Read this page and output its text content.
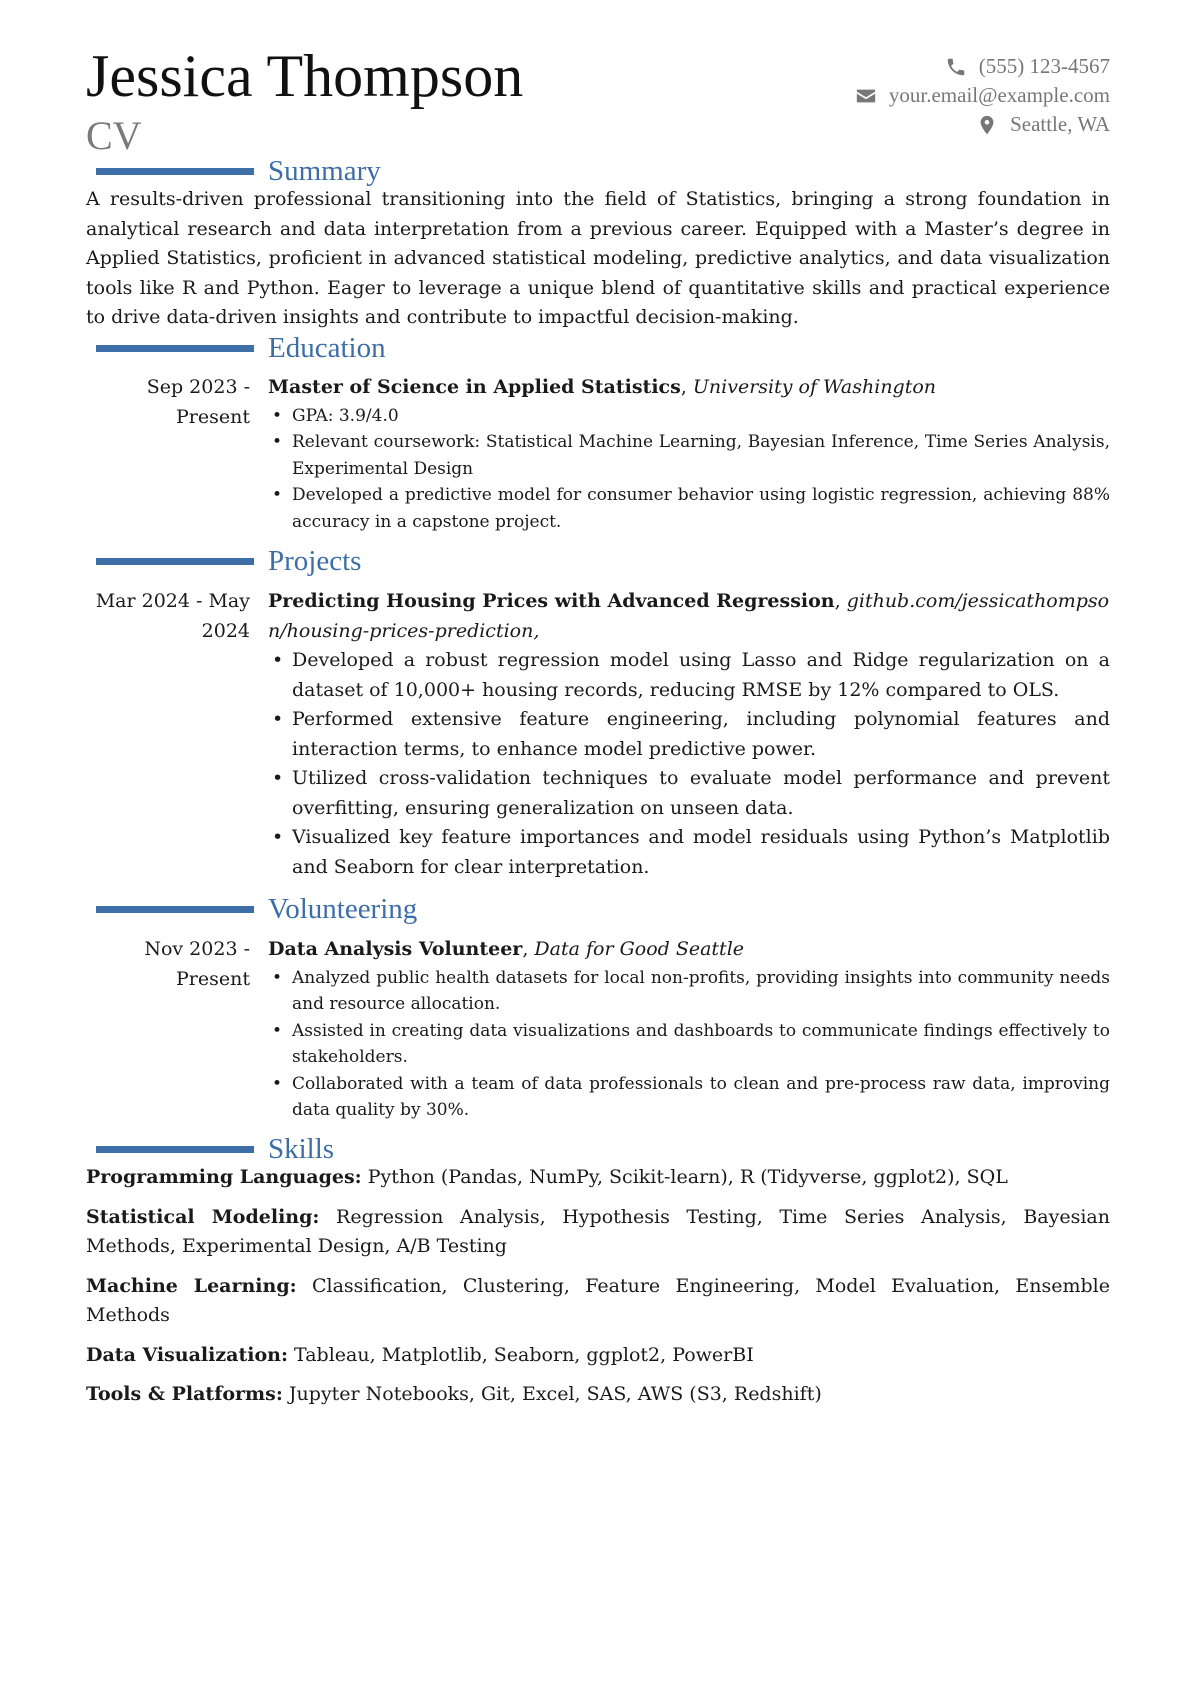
Jessica Thompson
CV
(555) 123-4567
your.email@example.com
Seattle, WA
Summary
A results-driven professional transitioning into the field of Statistics, bringing a strong foundation in analytical research and data interpretation from a previous career. Equipped with a Master’s degree in Applied Statistics, proficient in advanced statistical modeling, predictive analytics, and data visualization tools like R and Python. Eager to leverage a unique blend of quantitative skills and practical experience to drive data-driven insights and contribute to impactful decision-making.
Education
Sep 2023 - Present
Master of Science in Applied Statistics, University of Washington
• GPA: 3.9/4.0
• Relevant coursework: Statistical Machine Learning, Bayesian Inference, Time Series Analysis, Experimental Design
• Developed a predictive model for consumer behavior using logistic regression, achieving 88% accuracy in a capstone project.
Projects
Mar 2024 - May 2024
Predicting Housing Prices with Advanced Regression, github.com/jessicathompson/housing-prices-prediction,
• Developed a robust regression model using Lasso and Ridge regularization on a dataset of 10,000+ housing records, reducing RMSE by 12% compared to OLS.
• Performed extensive feature engineering, including polynomial features and interaction terms, to enhance model predictive power.
• Utilized cross-validation techniques to evaluate model performance and prevent overfitting, ensuring generalization on unseen data.
• Visualized key feature importances and model residuals using Python’s Matplotlib and Seaborn for clear interpretation.
Volunteering
Nov 2023 - Present
Data Analysis Volunteer, Data for Good Seattle
• Analyzed public health datasets for local non-profits, providing insights into community needs and resource allocation.
• Assisted in creating data visualizations and dashboards to communicate findings effectively to stakeholders.
• Collaborated with a team of data professionals to clean and pre-process raw data, improving data quality by 30%.
Skills
Programming Languages: Python (Pandas, NumPy, Scikit-learn), R (Tidyverse, ggplot2), SQL
Statistical Modeling: Regression Analysis, Hypothesis Testing, Time Series Analysis, Bayesian Methods, Experimental Design, A/B Testing
Machine Learning: Classification, Clustering, Feature Engineering, Model Evaluation, Ensemble Methods
Data Visualization: Tableau, Matplotlib, Seaborn, ggplot2, PowerBI
Tools & Platforms: Jupyter Notebooks, Git, Excel, SAS, AWS (S3, Redshift)
